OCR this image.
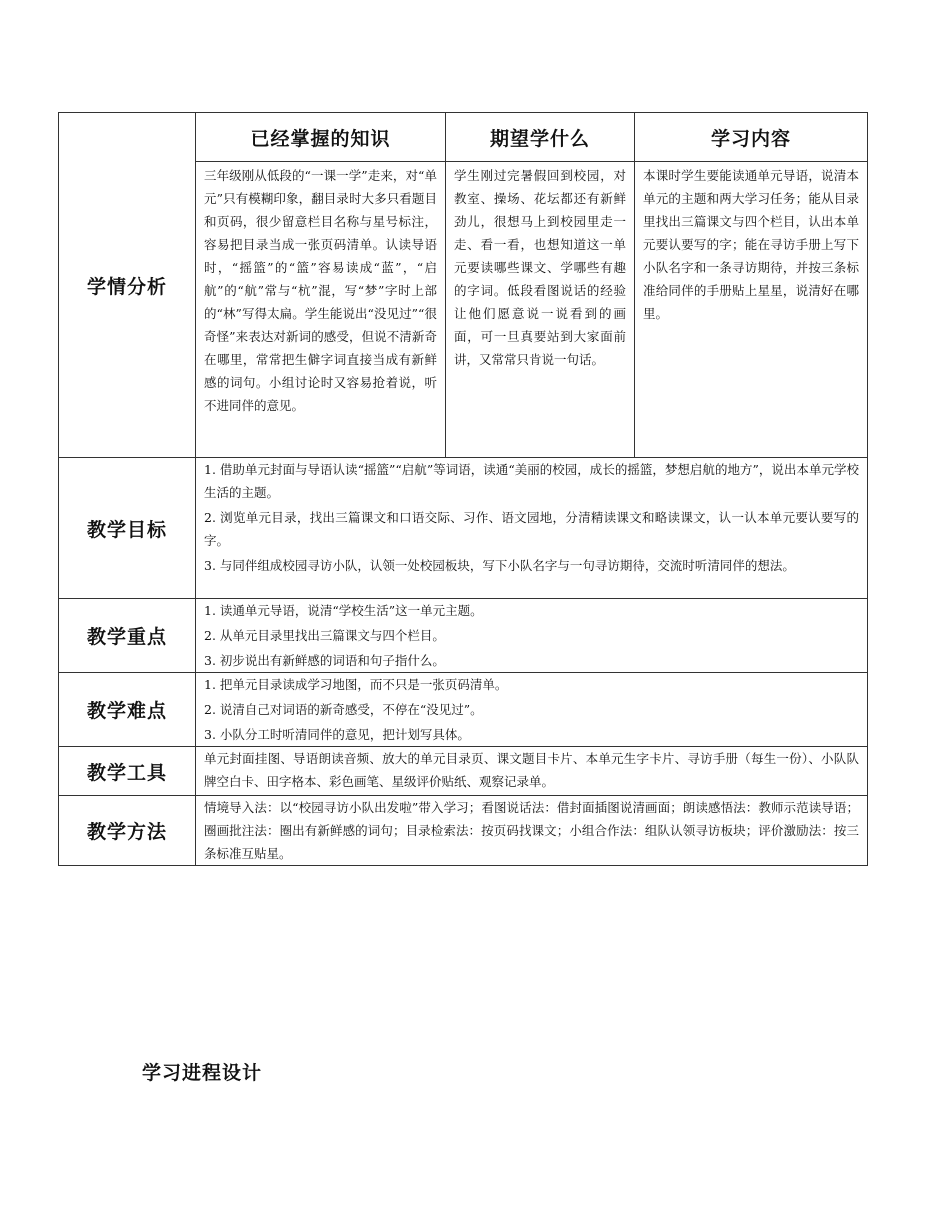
学情分析	已经掌握的知识	期望学什么	学习内容

	三年级刚从低段的“一课一学”走来，对“单元”只有模糊印象，翻目录时大多只看题目和页码，很少留意栏目名称与星号标注，容易把目录当成一张页码清单。认读导语时，“摇篮”的“篮”容易读成“蓝”，“启航”的“航”常与“杭”混，写“梦”字时上部的“林”写得太扁。学生能说出“没见过”“很奇怪”来表达对新词的感受，但说不清新奇在哪里，常常把生僻字词直接当成有新鲜感的词句。小组讨论时又容易抢着说，听不进同伴的意见。	学生刚过完暑假回到校园，对教室、操场、花坛都还有新鲜劲儿，很想马上到校园里走一走、看一看，也想知道这一单元要读哪些课文、学哪些有趣的字词。低段看图说话的经验让他们愿意说一说看到的画面，可一旦真要站到大家面前讲，又常常只肯说一句话。	本课时学生要能读通单元导语，说清本单元的主题和两大学习任务；能从目录里找出三篇课文与四个栏目，认出本单元要认要写的字；能在寻访手册上写下小队名字和一条寻访期待，并按三条标准给同伴的手册贴上星星，说清好在哪里。

教学目标	1. 借助单元封面与导语认读“摇篮”“启航”等词语，读通“美丽的校园，成长的摇篮，梦想启航的地方”，说出本单元学校生活的主题。
2. 浏览单元目录，找出三篇课文和口语交际、习作、语文园地，分清精读课文和略读课文，认一认本单元要认要写的字。
3. 与同伴组成校园寻访小队，认领一处校园板块，写下小队名字与一句寻访期待，交流时听清同伴的想法。		

教学重点	1. 读通单元导语，说清“学校生活”这一单元主题。
2. 从单元目录里找出三篇课文与四个栏目。
3. 初步说出有新鲜感的词语和句子指什么。		

教学难点	1. 把单元目录读成学习地图，而不只是一张页码清单。
2. 说清自己对词语的新奇感受，不停在“没见过”。
3. 小队分工时听清同伴的意见，把计划写具体。		

教学工具	单元封面挂图、导语朗读音频、放大的单元目录页、课文题目卡片、本单元生字卡片、寻访手册（每生一份）、小队队牌空白卡、田字格本、彩色画笔、星级评价贴纸、观察记录单。		

教学方法	情境导入法：以“校园寻访小队出发啦”带入学习；看图说话法：借封面插图说清画面；朗读感悟法：教师示范读导语；圈画批注法：圈出有新鲜感的词句；目录检索法：按页码找课文；小组合作法：组队认领寻访板块；评价激励法：按三条标准互贴星。		
学习进程设计
